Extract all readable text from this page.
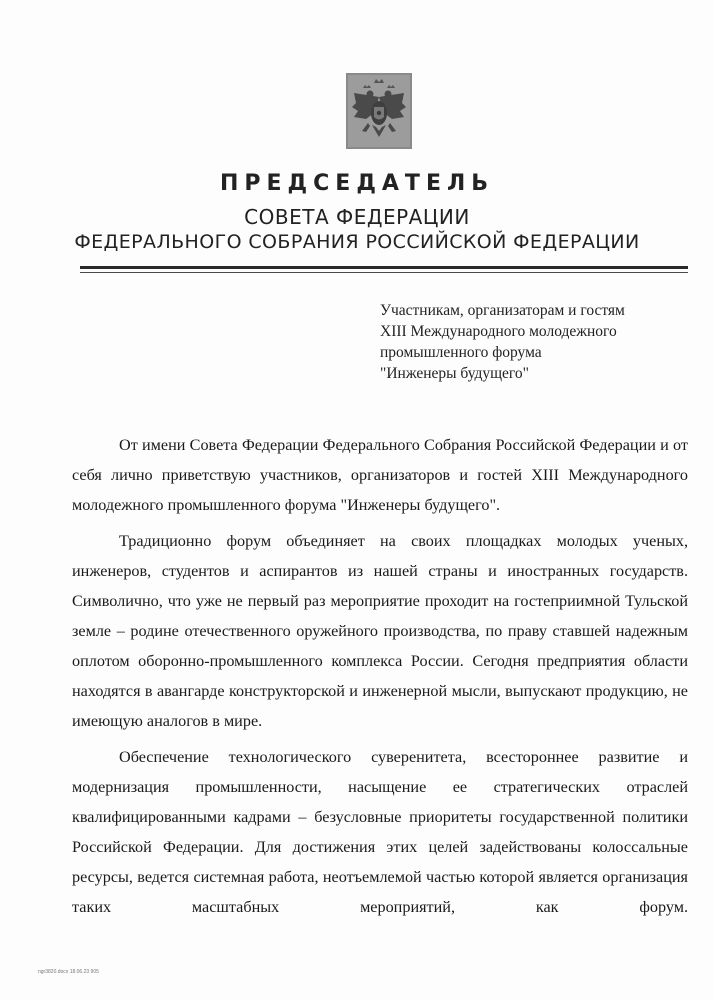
ПРЕДСЕДАТЕЛЬ
СОВЕТА ФЕДЕРАЦИИ
ФЕДЕРАЛЬНОГО СОБРАНИЯ РОССИЙСКОЙ ФЕДЕРАЦИИ
Участникам, организаторам и гостям
XIII Международного молодежного
промышленного форума
"Инженеры будущего"

От имени Совета Федерации Федерального Собрания Российской Федерации и от себя лично приветствую участников, организаторов и гостей XIII Международного молодежного промышленного форума "Инженеры будущего".

Традиционно форум объединяет на своих площадках молодых ученых, инженеров, студентов и аспирантов из нашей страны и иностранных государств. Символично, что уже не первый раз мероприятие проходит на гостеприимной Тульской земле – родине отечественного оружейного производства, по праву ставшей надежным оплотом оборонно-промышленного комплекса России. Сегодня предприятия области находятся в авангарде конструкторской и инженерной мысли, выпускают продукцию, не имеющую аналогов в мире.

Обеспечение технологического суверенитета, всестороннее развитие и модернизация промышленности, насыщение ее стратегических отраслей квалифицированными кадрами – безусловные приоритеты государственной политики Российской Федерации. Для достижения этих целей задействованы колоссальные ресурсы, ведется системная работа, неотъемлемой частью которой является организация таких масштабных мероприятий, как форум.

ngr3820.docx 18.06.23 905
